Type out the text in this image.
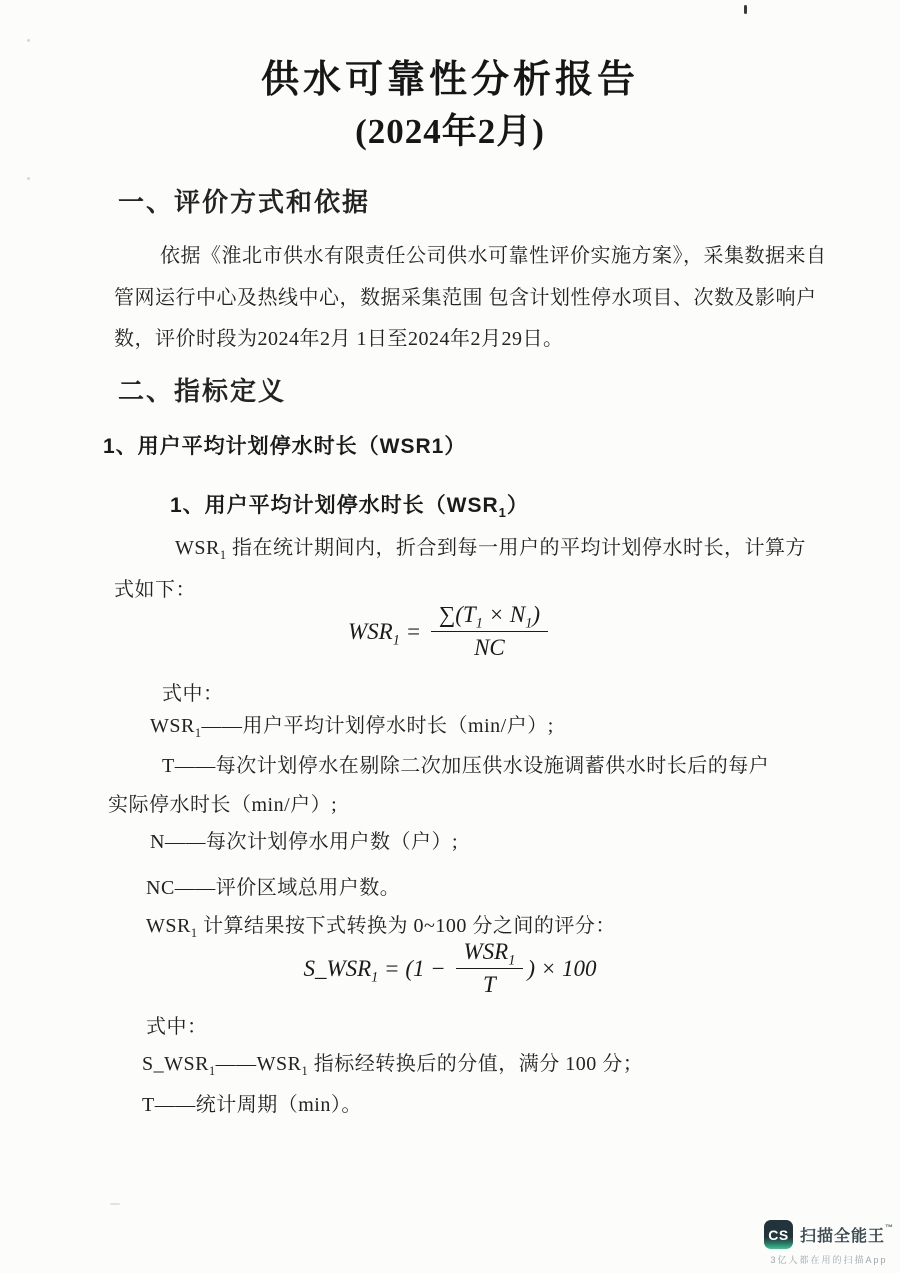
供水可靠性分析报告
(2024年2月)
一、评价方式和依据
依据《淮北市供水有限责任公司供水可靠性评价实施方案》，采集数据来自
管网运行中心及热线中心，数据采集范围 包含计划性停水项目、次数及影响户
数，评价时段为2024年2月 1日至2024年2月29日。
二、指标定义
1、用户平均计划停水时长（WSR1）
1、用户平均计划停水时长$(WSR_1)$
$WSR_1$ 指在统计期间内，折合到每一用户的平均计划停水时长，计算方
式如下：
$WSR_1 = \frac{\sum(T_1 \times N_1)}{NC}$
式中：
$WSR_1——$用户平均计划停水时长（min/户）;
T——每次计划停水在剔除二次加压供水设施调蓄供水时长后的每户
实际停水时长（min/户）;
N——每次计划停水用户数（户）;
NC——评价区域总用户数。
$WSR_1$ 计算结果按下式转换为 0~100 分之间的评分：
$S\_WSR_1 = (1 - \frac{WSR_1}{T}$ ) × 100
式中：
$S\_WSR_1——WSR_1$ 指标经转换后的分值，满分 100 分；
T——统计周期（min）。
CS 扫描全能王™
3亿人都在用的扫描App
